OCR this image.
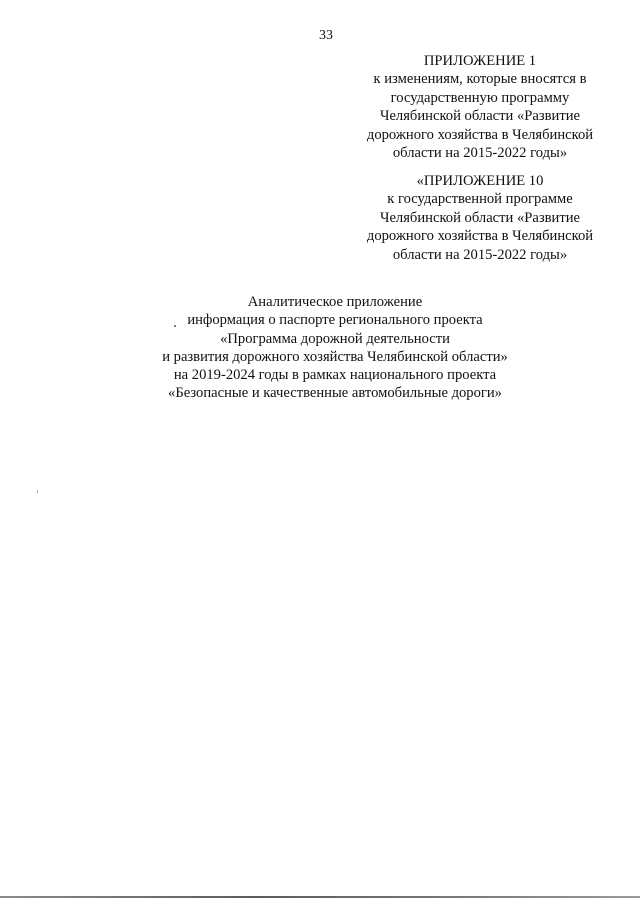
33
ПРИЛОЖЕНИЕ 1
к изменениям, которые вносятся в
государственную программу
Челябинской области «Развитие
дорожного хозяйства в Челябинской
области на 2015-2022 годы»
«ПРИЛОЖЕНИЕ 10
к государственной программе
Челябинской области «Развитие
дорожного хозяйства в Челябинской
области на 2015-2022 годы»
Аналитическое приложение
информация о паспорте регионального проекта
«Программа дорожной деятельности
и развития дорожного хозяйства Челябинской области»
на 2019-2024 годы в рамках национального проекта
«Безопасные и качественные автомобильные дороги»
